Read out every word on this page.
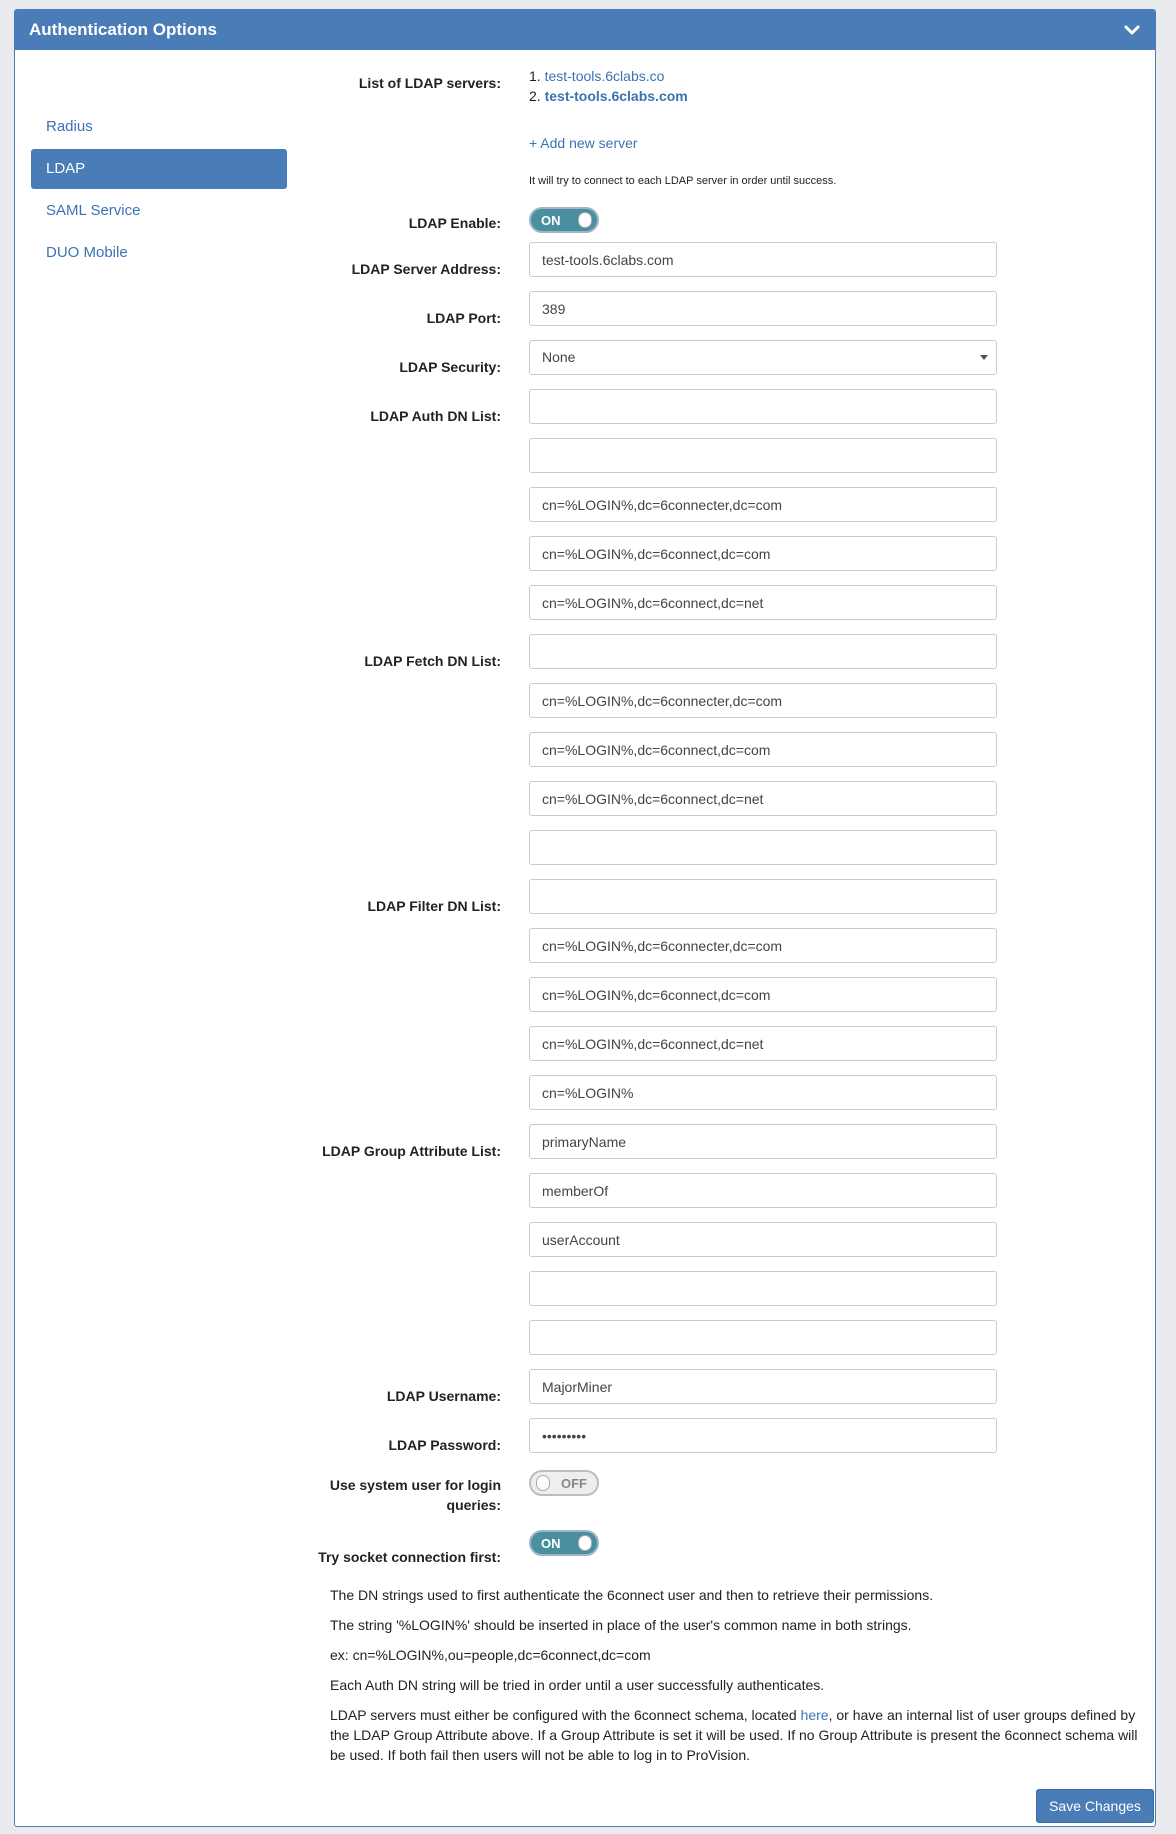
Authentication Options
Radius
LDAP
SAML Service
DUO Mobile
List of LDAP servers: 1. test-tools.6clabs.co
2. test-tools.6clabs.com
+ Add new server
It will try to connect to each LDAP server in order until success.
LDAP Enable:	ON
LDAP Server Address:
test-tools.6clabs.com
LDAP Port:
389
LDAP Security:
None
LDAP Auth DN List:
cn=%LOGIN%,dc=6connecter,dc=com
cn=%LOGIN%,dc=6connect,dc=com
cn=%LOGIN%,dc=6connect,dc=net
LDAP Fetch DN List:
cn=%LOGIN%,dc=6connecter,dc=com
cn=%LOGIN%,dc=6connect,dc=com
cn=%LOGIN%,dc=6connect,dc=net
LDAP Filter DN List:
cn=%LOGIN%,dc=6connecter,dc=com
cn=%LOGIN%,dc=6connect,dc=com
cn=%LOGIN%,dc=6connect,dc=net
cn=%LOGIN%
LDAP Group Attribute List:
primaryName
memberOf
userAccount
LDAP Username:
MajorMiner
LDAP Password:
•••••••••
Use system user for login queries:
OFF
Try socket connection first:
ON

The DN strings used to first authenticate the 6connect user and then to retrieve their permissions.

The string '%LOGIN%' should be inserted in place of the user's common name in both strings.

ex: cn=%LOGIN%,ou=people,dc=6connect,dc=com

Each Auth DN string will be tried in order until a user successfully authenticates.

LDAP servers must either be configured with the 6connect schema, located here, or have an internal list of user groups defined by the LDAP Group Attribute above. If a Group Attribute is set it will be used. If no Group Attribute is present the 6connect schema will be used. If both fail then users will not be able to log in to ProVision.

Save Changes
